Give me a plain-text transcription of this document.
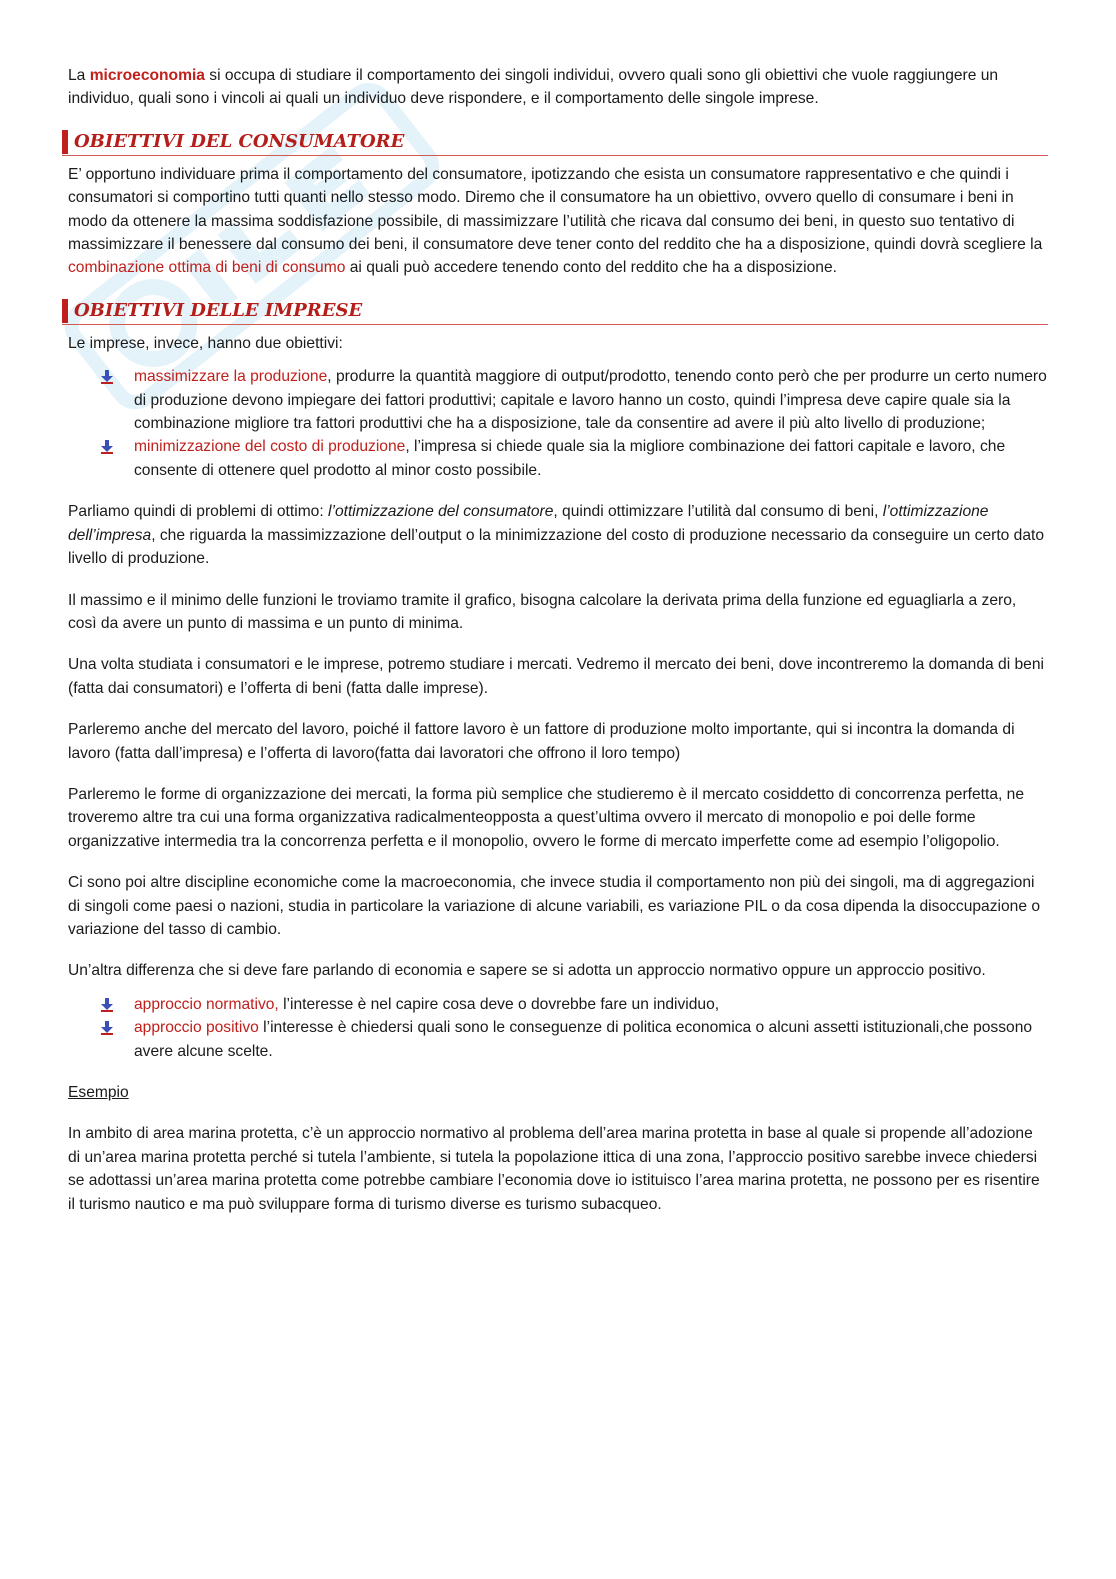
La microeconomia si occupa di studiare il comportamento dei singoli individui, ovvero quali sono gli obiettivi che vuole raggiungere un individuo, quali sono i vincoli ai quali un individuo deve rispondere, e il comportamento delle singole imprese.

OBIETTIVI DEL CONSUMATORE

E’ opportuno individuare prima il comportamento del consumatore, ipotizzando che esista un consumatore rappresentativo e che quindi i consumatori si comportino tutti quanti nello stesso modo. Diremo che il consumatore ha un obiettivo, ovvero quello di consumare i beni in modo da ottenere la massima soddisfazione possibile, di massimizzare l’utilità che ricava dal consumo dei beni, in questo suo tentativo di massimizzare il benessere dal consumo dei beni, il consumatore deve tener conto del reddito che ha a disposizione, quindi dovrà scegliere la combinazione ottima di beni di consumo ai quali può accedere tenendo conto del reddito che ha a disposizione.

OBIETTIVI DELLE IMPRESE

Le imprese, invece, hanno due obiettivi:

massimizzare la produzione, produrre la quantità maggiore di output/prodotto, tenendo conto però che per produrre un certo numero di produzione devono impiegare dei fattori produttivi; capitale e lavoro hanno un costo, quindi l’impresa deve capire quale sia la combinazione migliore tra fattori produttivi che ha a disposizione, tale da consentire ad avere il più alto livello di produzione;
minimizzazione del costo di produzione, l’impresa si chiede quale sia la migliore combinazione dei fattori capitale e lavoro, che consente di ottenere quel prodotto al minor costo possibile.

Parliamo quindi di problemi di ottimo: l’ottimizzazione del consumatore, quindi ottimizzare l’utilità dal consumo di beni, l’ottimizzazione dell’impresa, che riguarda la massimizzazione dell’output o la minimizzazione del costo di produzione necessario da conseguire un certo dato livello di produzione.

Il massimo e il minimo delle funzioni le troviamo tramite il grafico, bisogna calcolare la derivata prima della funzione ed eguagliarla a zero, così da avere un punto di massima e un punto di minima.

Una volta studiata i consumatori e le imprese, potremo studiare i mercati. Vedremo il mercato dei beni, dove incontreremo la domanda di beni (fatta dai consumatori) e l’offerta di beni (fatta dalle imprese).

Parleremo anche del mercato del lavoro, poiché il fattore lavoro è un fattore di produzione molto importante, qui si incontra la domanda di lavoro (fatta dall’impresa) e l’offerta di lavoro(fatta dai lavoratori che offrono il loro tempo)

Parleremo le forme di organizzazione dei mercati, la forma più semplice che studieremo è il mercato cosiddetto di concorrenza perfetta, ne troveremo altre tra cui una forma organizzativa radicalmenteopposta a quest’ultima ovvero il mercato di monopolio e poi delle forme organizzative intermedia tra la concorrenza perfetta e il monopolio, ovvero le forme di mercato imperfette come ad esempio l’oligopolio.

Ci sono poi altre discipline economiche come la macroeconomia, che invece studia il comportamento non più dei singoli, ma di aggregazioni di singoli come paesi o nazioni, studia in particolare la variazione di alcune variabili, es variazione PIL o da cosa dipenda la disoccupazione o variazione del tasso di cambio.

Un’altra differenza che si deve fare parlando di economia e sapere se si adotta un approccio normativo oppure un approccio positivo.

approccio normativo, l’interesse è nel capire cosa deve o dovrebbe fare un individuo,
approccio positivo l’interesse è chiedersi quali sono le conseguenze di politica economica o alcuni assetti istituzionali,che possono avere alcune scelte.

Esempio

In ambito di area marina protetta, c’è un approccio normativo al problema dell’area marina protetta in base al quale si propende all’adozione di un’area marina protetta perché si tutela l’ambiente, si tutela la popolazione ittica di una zona, l’approccio positivo sarebbe invece chiedersi se adottassi un’area marina protetta come potrebbe cambiare l’economia dove io istituisco l’area marina protetta, ne possono per es risentire il turismo nautico e ma può sviluppare forma di turismo diverse es turismo subacqueo.
